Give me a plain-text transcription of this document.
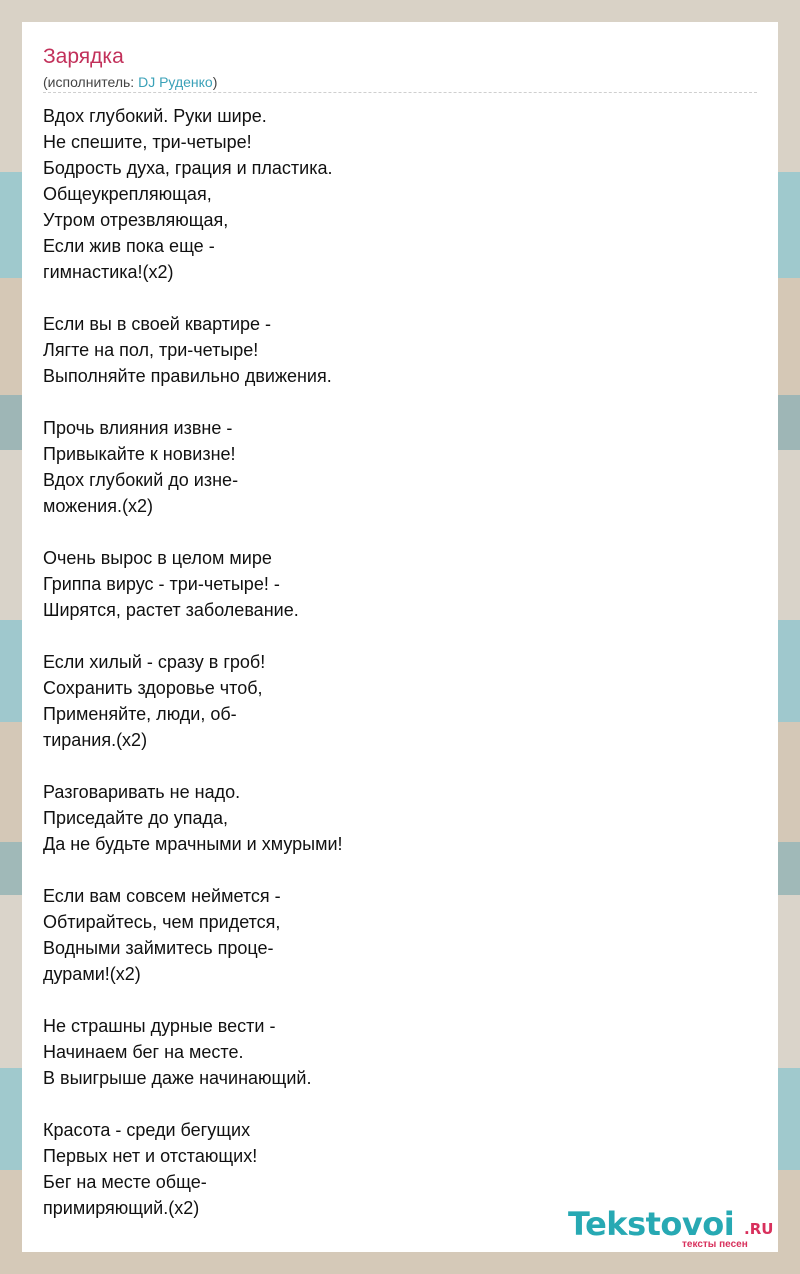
Зарядка
(исполнитель: DJ Руденко)
Вдох глубокий. Руки шире.
Не спешите, три-четыре!
Бодрость духа, грация и пластика.
Общеукрепляющая,
Утром отрезвляющая,
Если жив пока еще -
гимнастика!(x2)
Если вы в своей квартире -
Лягте на пол, три-четыре!
Выполняйте правильно движения.
Прочь влияния извне -
Привыкайте к новизне!
Вдох глубокий до изне-
можения.(x2)
Очень вырос в целом мире
Гриппа вирус - три-четыре! -
Ширятся, растет заболевание.
Если хилый - сразу в гроб!
Сохранить здоровье чтоб,
Применяйте, люди, об-
тирания.(x2)
Разговаривать не надо.
Приседайте до упада,
Да не будьте мрачными и хмурыми!
Если вам совсем неймется -
Обтирайтесь, чем придется,
Водными займитесь проце-
дурами!(x2)
Не страшны дурные вести -
Начинаем бег на месте.
В выигрыше даже начинающий.
Красота - среди бегущих
Первых нет и отстающих!
Бег на месте обще-
примиряющий.(x2)	Tekstovoi .RU
тексты песен
